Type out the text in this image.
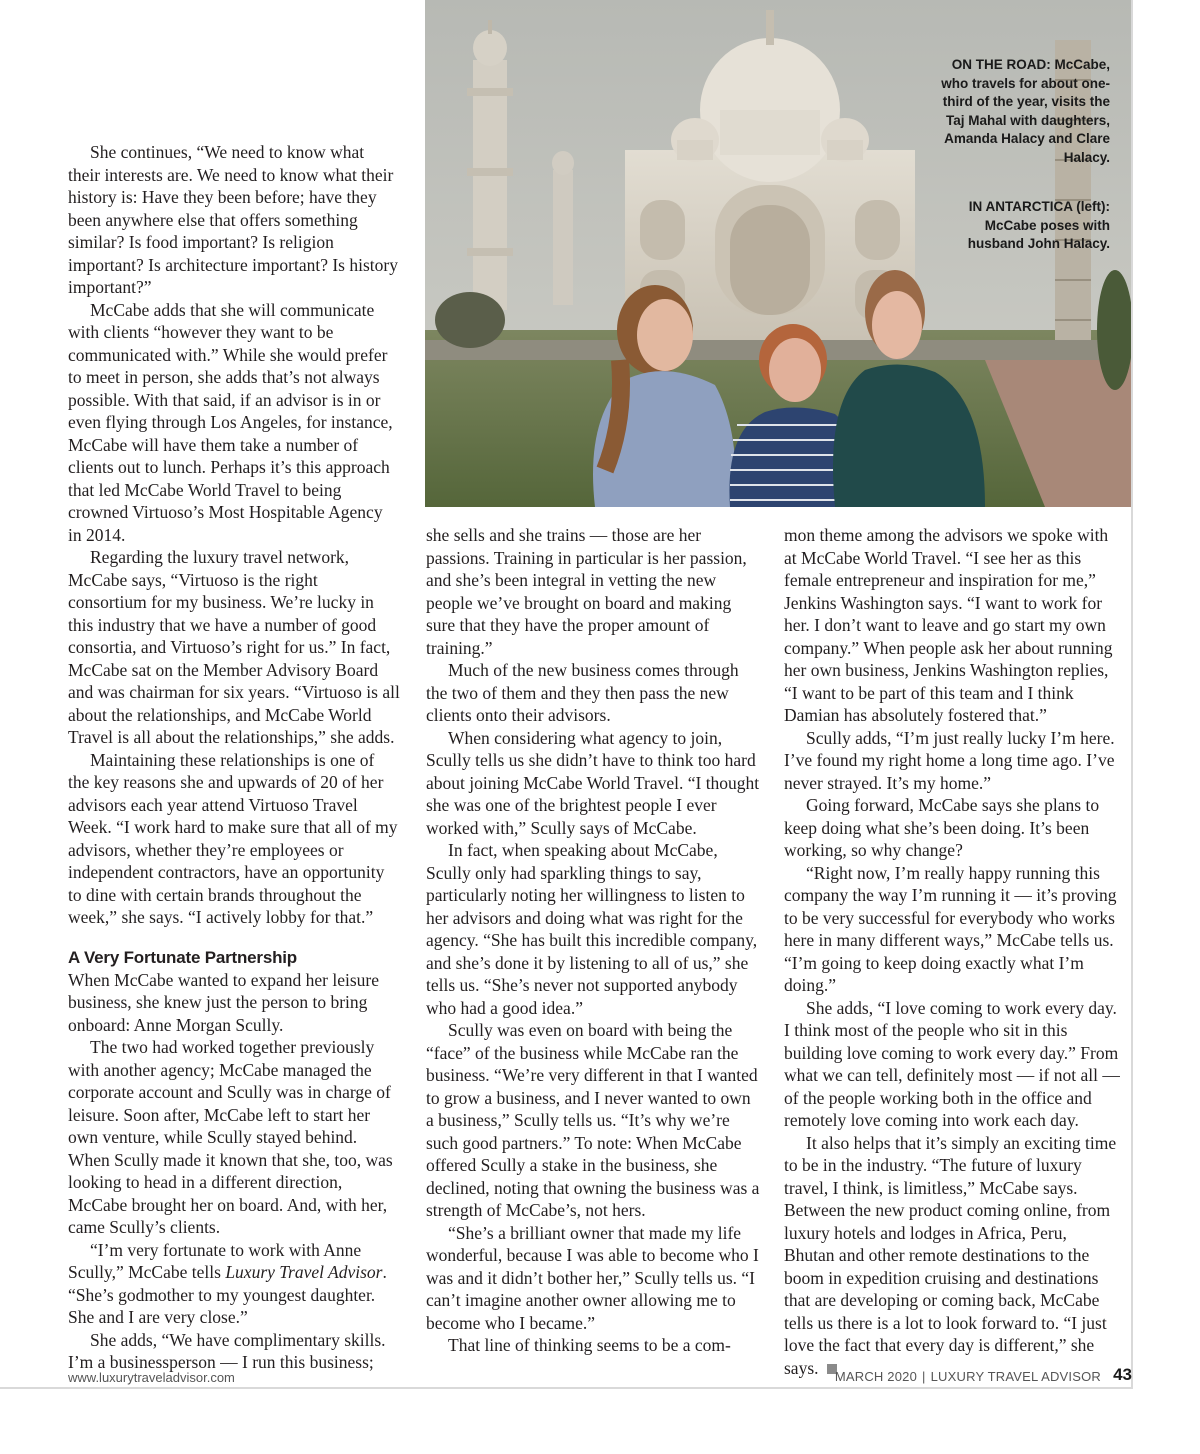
She continues, “We need to know what their interests are. We need to know what their history is: Have they been before; have they been anywhere else that offers something similar? Is food important? Is religion important? Is architecture important? Is history important?”

McCabe adds that she will communicate with clients “however they want to be communicated with.” While she would prefer to meet in person, she adds that’s not always possible. With that said, if an advisor is in or even flying through Los Angeles, for instance, McCabe will have them take a number of clients out to lunch. Perhaps it’s this approach that led McCabe World Travel to being crowned Virtuoso’s Most Hospitable Agency in 2014.

Regarding the luxury travel network, McCabe says, “Virtuoso is the right consortium for my business. We’re lucky in this industry that we have a number of good consortia, and Virtuoso’s right for us.” In fact, McCabe sat on the Member Advisory Board and was chairman for six years. “Virtuoso is all about the relationships, and McCabe World Travel is all about the relationships,” she adds.

Maintaining these relationships is one of the key reasons she and upwards of 20 of her advisors each year attend Virtuoso Travel Week. “I work hard to make sure that all of my advisors, whether they’re employees or independent contractors, have an opportunity to dine with certain brands throughout the week,” she says. “I actively lobby for that.”

A Very Fortunate Partnership

When McCabe wanted to expand her leisure business, she knew just the person to bring onboard: Anne Morgan Scully.

The two had worked together previously with another agency; McCabe managed the corporate account and Scully was in charge of leisure. Soon after, McCabe left to start her own venture, while Scully stayed behind. When Scully made it known that she, too, was looking to head in a different direction, McCabe brought her on board. And, with her, came Scully’s clients.

“I’m very fortunate to work with Anne Scully,” McCabe tells Luxury Travel Advisor. “She’s godmother to my youngest daughter. She and I are very close.”

She adds, “We have complimentary skills. I’m a businessperson — I run this business;

ON THE ROAD: McCabe, who travels for about one-third of the year, visits the Taj Mahal with daughters, Amanda Halacy and Clare Halacy.
IN ANTARCTICA (left): McCabe poses with husband John Halacy.

she sells and she trains — those are her passions. Training in particular is her passion, and she’s been integral in vetting the new people we’ve brought on board and making sure that they have the proper amount of training.”

Much of the new business comes through the two of them and they then pass the new clients onto their advisors.

When considering what agency to join, Scully tells us she didn’t have to think too hard about joining McCabe World Travel. “I thought she was one of the brightest people I ever worked with,” Scully says of McCabe.

In fact, when speaking about McCabe, Scully only had sparkling things to say, particularly noting her willingness to listen to her advisors and doing what was right for the agency. “She has built this incredible company, and she’s done it by listening to all of us,” she tells us. “She’s never not supported anybody who had a good idea.”

Scully was even on board with being the “face” of the business while McCabe ran the business. “We’re very different in that I wanted to grow a business, and I never wanted to own a business,” Scully tells us. “It’s why we’re such good partners.” To note: When McCabe offered Scully a stake in the business, she declined, noting that owning the business was a strength of McCabe’s, not hers.

“She’s a brilliant owner that made my life wonderful, because I was able to become who I was and it didn’t bother her,” Scully tells us. “I can’t imagine another owner allowing me to become who I became.”

That line of thinking seems to be a com-

mon theme among the advisors we spoke with at McCabe World Travel. “I see her as this female entrepreneur and inspiration for me,” Jenkins Washington says. “I want to work for her. I don’t want to leave and go start my own company.” When people ask her about running her own business, Jenkins Washington replies, “I want to be part of this team and I think Damian has absolutely fostered that.”

Scully adds, “I’m just really lucky I’m here. I’ve found my right home a long time ago. I’ve never strayed. It’s my home.”

Going forward, McCabe says she plans to keep doing what she’s been doing. It’s been working, so why change?

“Right now, I’m really happy running this company the way I’m running it — it’s proving to be very successful for everybody who works here in many different ways,” McCabe tells us. “I’m going to keep doing exactly what I’m doing.”

She adds, “I love coming to work every day. I think most of the people who sit in this building love coming to work every day.” From what we can tell, definitely most — if not all — of the people working both in the office and remotely love coming into work each day.

It also helps that it’s simply an exciting time to be in the industry. “The future of luxury travel, I think, is limitless,” McCabe says. Between the new product coming online, from luxury hotels and lodges in Africa, Peru, Bhutan and other remote destinations to the boom in expedition cruising and destinations that are developing or coming back, McCabe tells us there is a lot to look forward to. “I just love the fact that every day is different,” she says.

www.luxurytraveladvisor.com	MARCH 2020 | LUXURY TRAVEL ADVISOR 43
